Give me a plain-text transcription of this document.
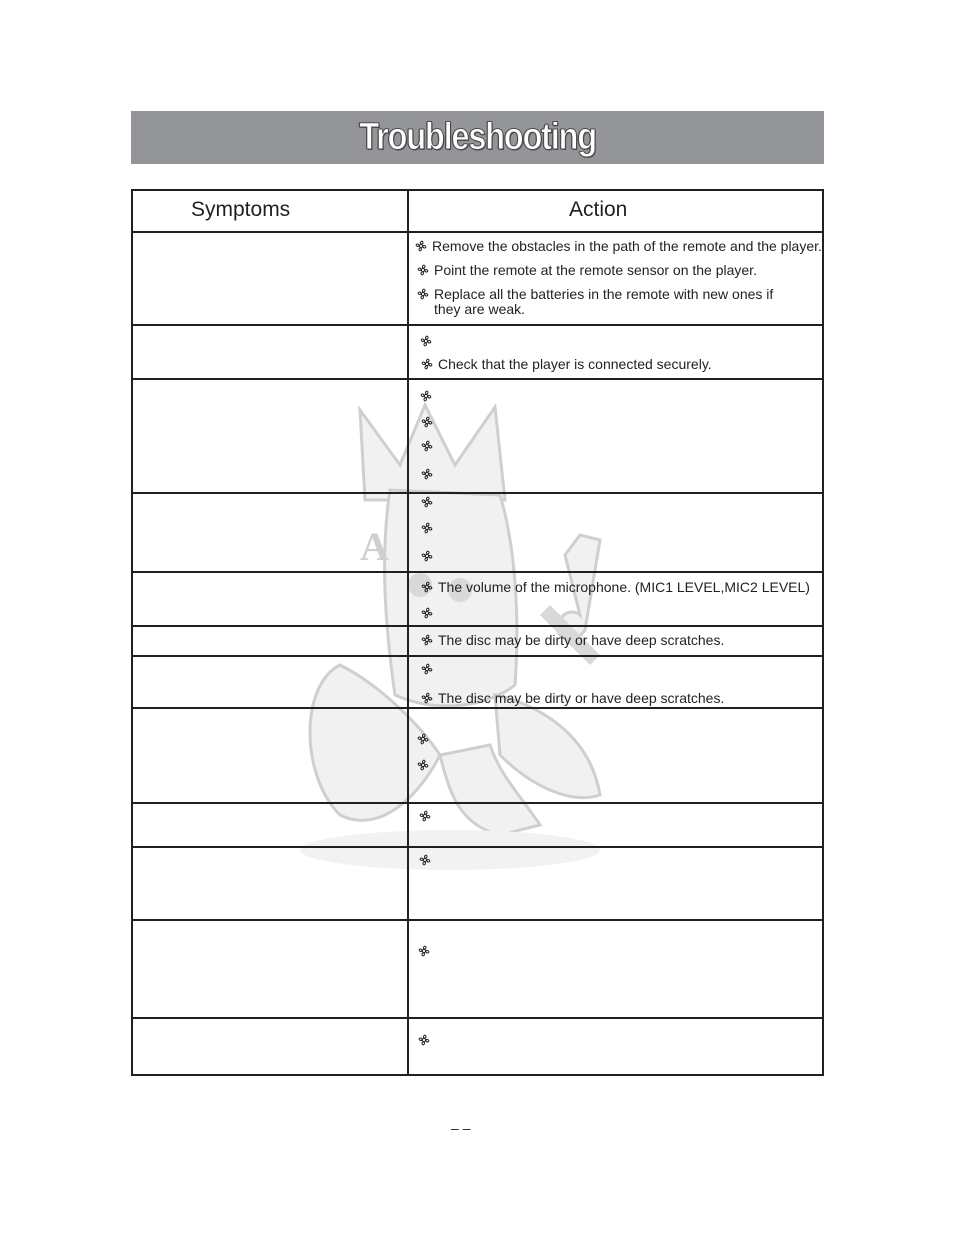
Troubleshooting
A
Symptoms	Action
Remove the obstacles in the path of the remote and the player.
Point the remote at the remote sensor on the player.
Replace all the batteries in the remote with new ones if
they are weak.
Check that the player is connected securely.
The volume of the microphone. (MIC1 LEVEL,MIC2 LEVEL)
The disc may be dirty or have deep scratches.
The disc may be dirty or have deep scratches.
– –
